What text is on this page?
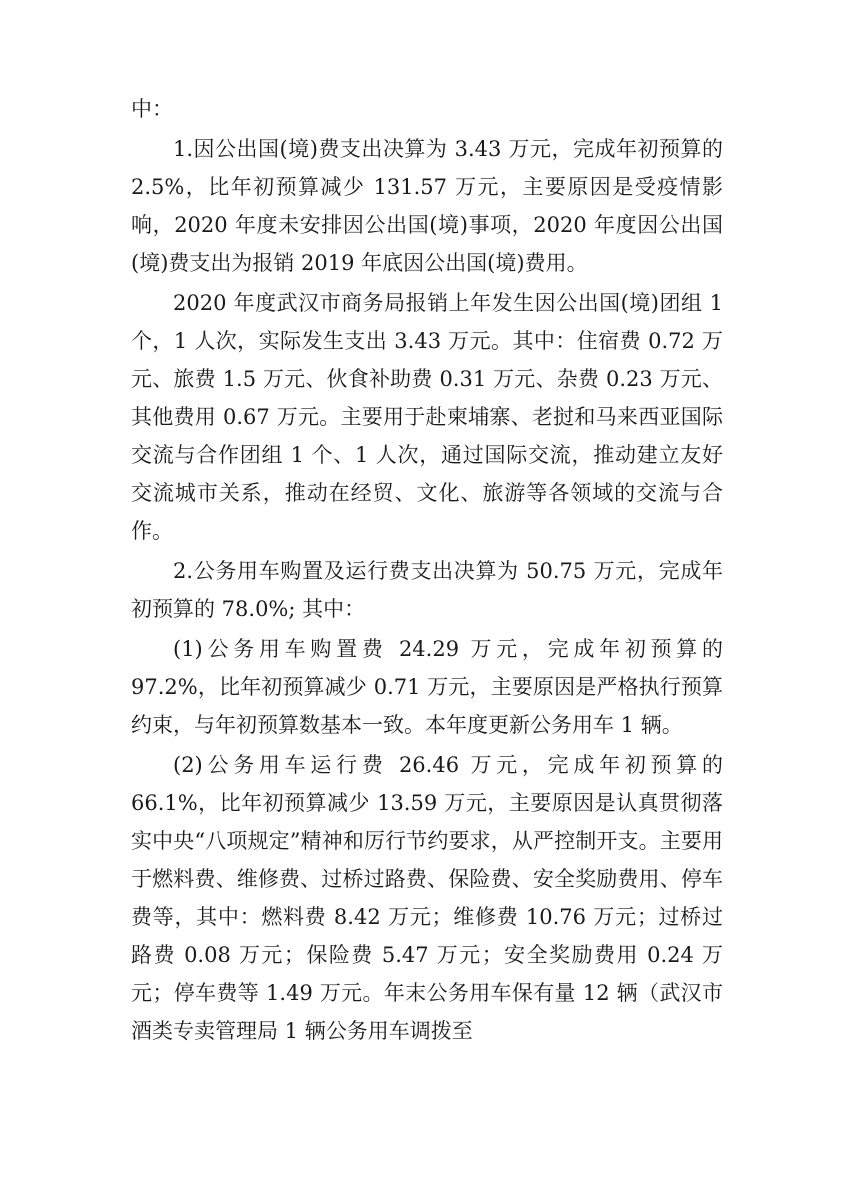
中：

1.因公出国(境)费支出决算为 3.43 万元，完成年初预算的 2.5%，比年初预算减少 131.57 万元，主要原因是受疫情影响，2020 年度未安排因公出国(境)事项，2020 年度因公出国(境)费支出为报销 2019 年底因公出国(境)费用。

2020 年度武汉市商务局报销上年发生因公出国(境)团组 1 个，1 人次，实际发生支出 3.43 万元。其中：住宿费 0.72 万元、旅费 1.5 万元、伙食补助费 0.31 万元、杂费 0.23 万元、其他费用 0.67 万元。主要用于赴柬埔寨、老挝和马来西亚国际交流与合作团组 1 个、1 人次，通过国际交流，推动建立友好交流城市关系，推动在经贸、文化、旅游等各领域的交流与合作。

2.公务用车购置及运行费支出决算为 50.75 万元，完成年初预算的 78.0%; 其中：

(1)公务用车购置费 24.29 万元，完成年初预算的 97.2%，比年初预算减少 0.71 万元，主要原因是严格执行预算约束，与年初预算数基本一致。本年度更新公务用车 1 辆。

(2)公务用车运行费 26.46 万元，完成年初预算的 66.1%，比年初预算减少 13.59 万元，主要原因是认真贯彻落实中央“八项规定”精神和厉行节约要求，从严控制开支。主要用于燃料费、维修费、过桥过路费、保险费、安全奖励费用、停车费等，其中：燃料费 8.42 万元；维修费 10.76 万元；过桥过路费 0.08 万元；保险费 5.47 万元；安全奖励费用 0.24 万元；停车费等 1.49 万元。年末公务用车保有量 12 辆（武汉市酒类专卖管理局 1 辆公务用车调拨至
